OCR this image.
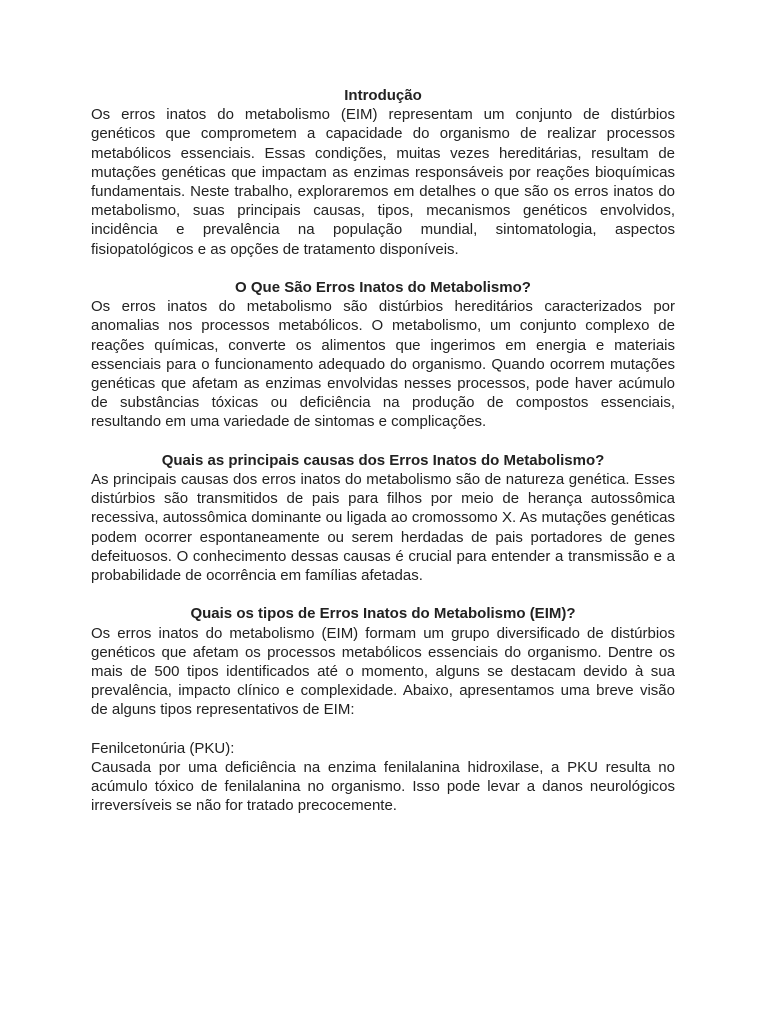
Introdução

Os erros inatos do metabolismo (EIM) representam um conjunto de distúrbios genéticos que comprometem a capacidade do organismo de realizar processos metabólicos essenciais. Essas condições, muitas vezes hereditárias, resultam de mutações genéticas que impactam as enzimas responsáveis por reações bioquímicas fundamentais. Neste trabalho, exploraremos em detalhes o que são os erros inatos do metabolismo, suas principais causas, tipos, mecanismos genéticos envolvidos, incidência e prevalência na população mundial, sintomatologia, aspectos fisiopatológicos e as opções de tratamento disponíveis.

O Que São Erros Inatos do Metabolismo?

Os erros inatos do metabolismo são distúrbios hereditários caracterizados por anomalias nos processos metabólicos. O metabolismo, um conjunto complexo de reações químicas, converte os alimentos que ingerimos em energia e materiais essenciais para o funcionamento adequado do organismo. Quando ocorrem mutações genéticas que afetam as enzimas envolvidas nesses processos, pode haver acúmulo de substâncias tóxicas ou deficiência na produção de compostos essenciais, resultando em uma variedade de sintomas e complicações.

Quais as principais causas dos Erros Inatos do Metabolismo?

As principais causas dos erros inatos do metabolismo são de natureza genética. Esses distúrbios são transmitidos de pais para filhos por meio de herança autossômica recessiva, autossômica dominante ou ligada ao cromossomo X. As mutações genéticas podem ocorrer espontaneamente ou serem herdadas de pais portadores de genes defeituosos. O conhecimento dessas causas é crucial para entender a transmissão e a probabilidade de ocorrência em famílias afetadas.

Quais os tipos de Erros Inatos do Metabolismo (EIM)?

Os erros inatos do metabolismo (EIM) formam um grupo diversificado de distúrbios genéticos que afetam os processos metabólicos essenciais do organismo. Dentre os mais de 500 tipos identificados até o momento, alguns se destacam devido à sua prevalência, impacto clínico e complexidade. Abaixo, apresentamos uma breve visão de alguns tipos representativos de EIM:

Fenilcetonúria (PKU):

Causada por uma deficiência na enzima fenilalanina hidroxilase, a PKU resulta no acúmulo tóxico de fenilalanina no organismo. Isso pode levar a danos neurológicos irreversíveis se não for tratado precocemente.
